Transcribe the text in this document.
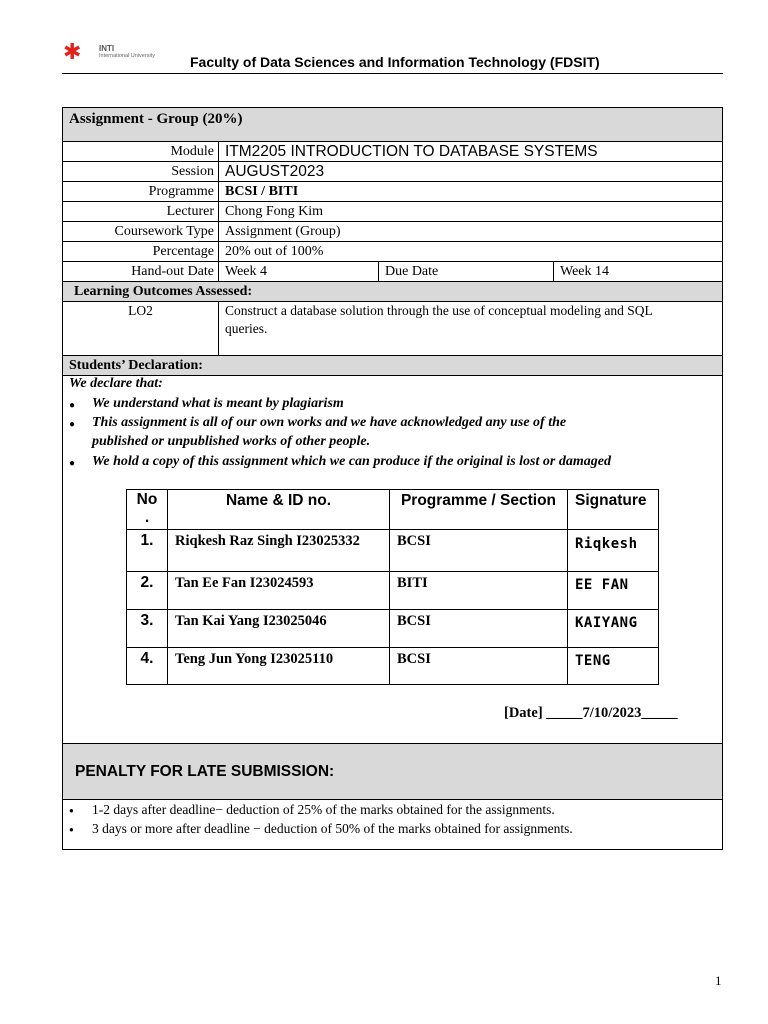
✱ INTI
International University	Faculty of Data Sciences and Information Technology (FDSIT)
Assignment - Group (20%)
Module ITM2205 INTRODUCTION TO DATABASE SYSTEMS
Session AUGUST2023
Programme BCSI / BITI
Lecturer Chong Fong Kim
Coursework Type Assignment (Group)
Percentage 20% out of 100%
Hand-out Date Week 4	Due Date	Week 14
Learning Outcomes Assessed:
LO2	Construct a database solution through the use of conceptual modeling and SQL
queries.
Students’ Declaration:
We declare that:
● We understand what is meant by plagiarism
● This assignment is all of our own works and we have acknowledged any use of the
published or unpublished works of other people.
● We hold a copy of this assignment which we can produce if the original is lost or damaged
No
.
Name & ID no.	Programme / Section	Signature
1.	Riqkesh Raz Singh I23025332	BCSI	Riqkesh
2.	Tan Ee Fan I23024593	BITI	EE FAN
3.	Tan Kai Yang I23025046	BCSI	KAIYANG
4.	Teng Jun Yong I23025110	BCSI	TENG
[Date] _____7/10/2023_____
PENALTY FOR LATE SUBMISSION:
● 1-2 days after deadline− deduction of 25% of the marks obtained for the assignments.
● 3 days or more after deadline − deduction of 50% of the marks obtained for assignments.
1
